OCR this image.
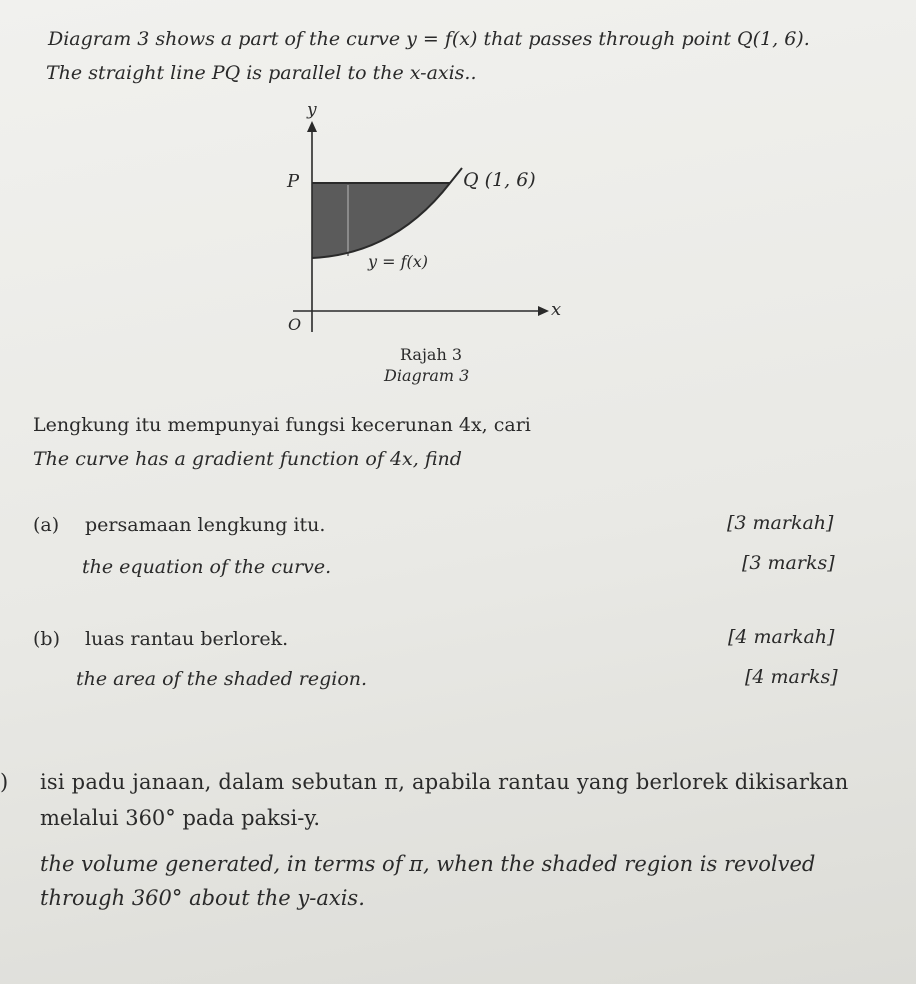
Diagram 3 shows a part of the curve y = f(x) that passes through point Q(1, 6).
The straight line PQ is parallel to the x-axis..
y
x
O
P	Q (1, 6)
y = f(x)
Rajah 3
Diagram 3
Lengkung itu mempunyai fungsi kecerunan 4x, cari
The curve has a gradient function of 4x, find
(a) persamaan lengkung itu.	[3 markah]
the equation of the curve.	[3 marks]
(b) luas rantau berlorek.	[4 markah]
the area of the shaded region.	[4 marks]
) isi padu janaan, dalam sebutan π, apabila rantau yang berlorek dikisarkan
melalui 360° pada paksi-y.
the volume generated, in terms of π, when the shaded region is revolved
through 360° about the y-axis.
